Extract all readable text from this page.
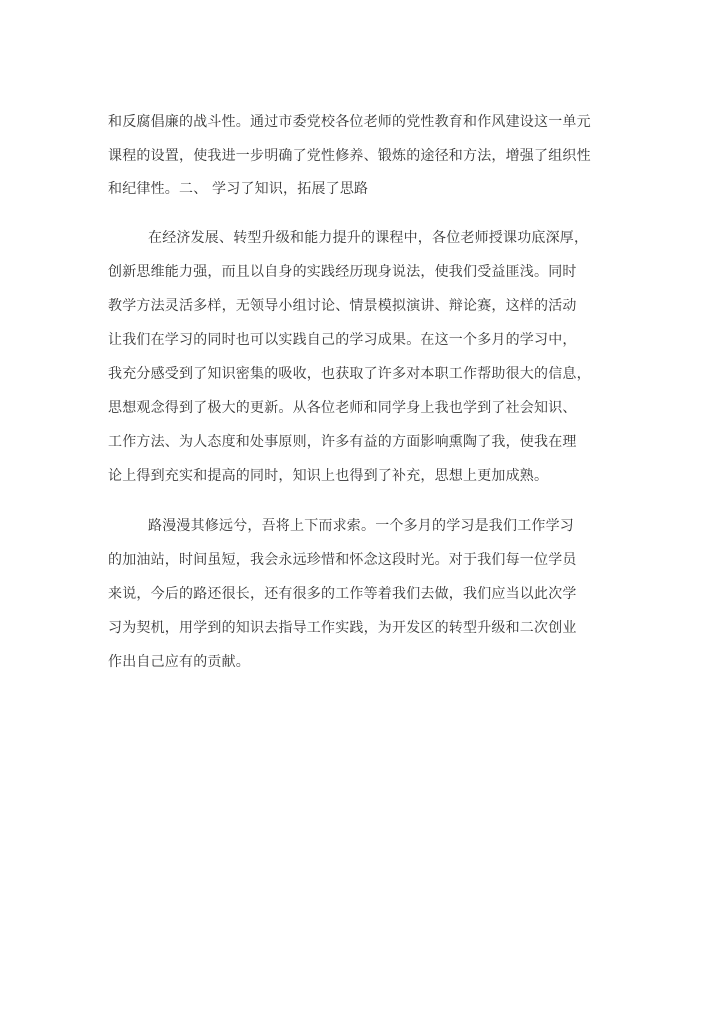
和反腐倡廉的战斗性。通过市委党校各位老师的党性教育和作风建设这一单元
课程的设置，使我进一步明确了党性修养、锻炼的途径和方法，增强了组织性
和纪律性。二、 学习了知识，拓展了思路
在经济发展、转型升级和能力提升的课程中，各位老师授课功底深厚，
创新思维能力强，而且以自身的实践经历现身说法，使我们受益匪浅。同时
教学方法灵活多样，无领导小组讨论、情景模拟演讲、辩论赛，这样的活动
让我们在学习的同时也可以实践自己的学习成果。在这一个多月的学习中，
我充分感受到了知识密集的吸收，也获取了许多对本职工作帮助很大的信息，
思想观念得到了极大的更新。从各位老师和同学身上我也学到了社会知识、
工作方法、为人态度和处事原则，许多有益的方面影响熏陶了我，使我在理
论上得到充实和提高的同时，知识上也得到了补充，思想上更加成熟。
路漫漫其修远兮，吾将上下而求索。一个多月的学习是我们工作学习
的加油站，时间虽短，我会永远珍惜和怀念这段时光。对于我们每一位学员
来说，今后的路还很长，还有很多的工作等着我们去做，我们应当以此次学
习为契机，用学到的知识去指导工作实践，为开发区的转型升级和二次创业
作出自己应有的贡献。
